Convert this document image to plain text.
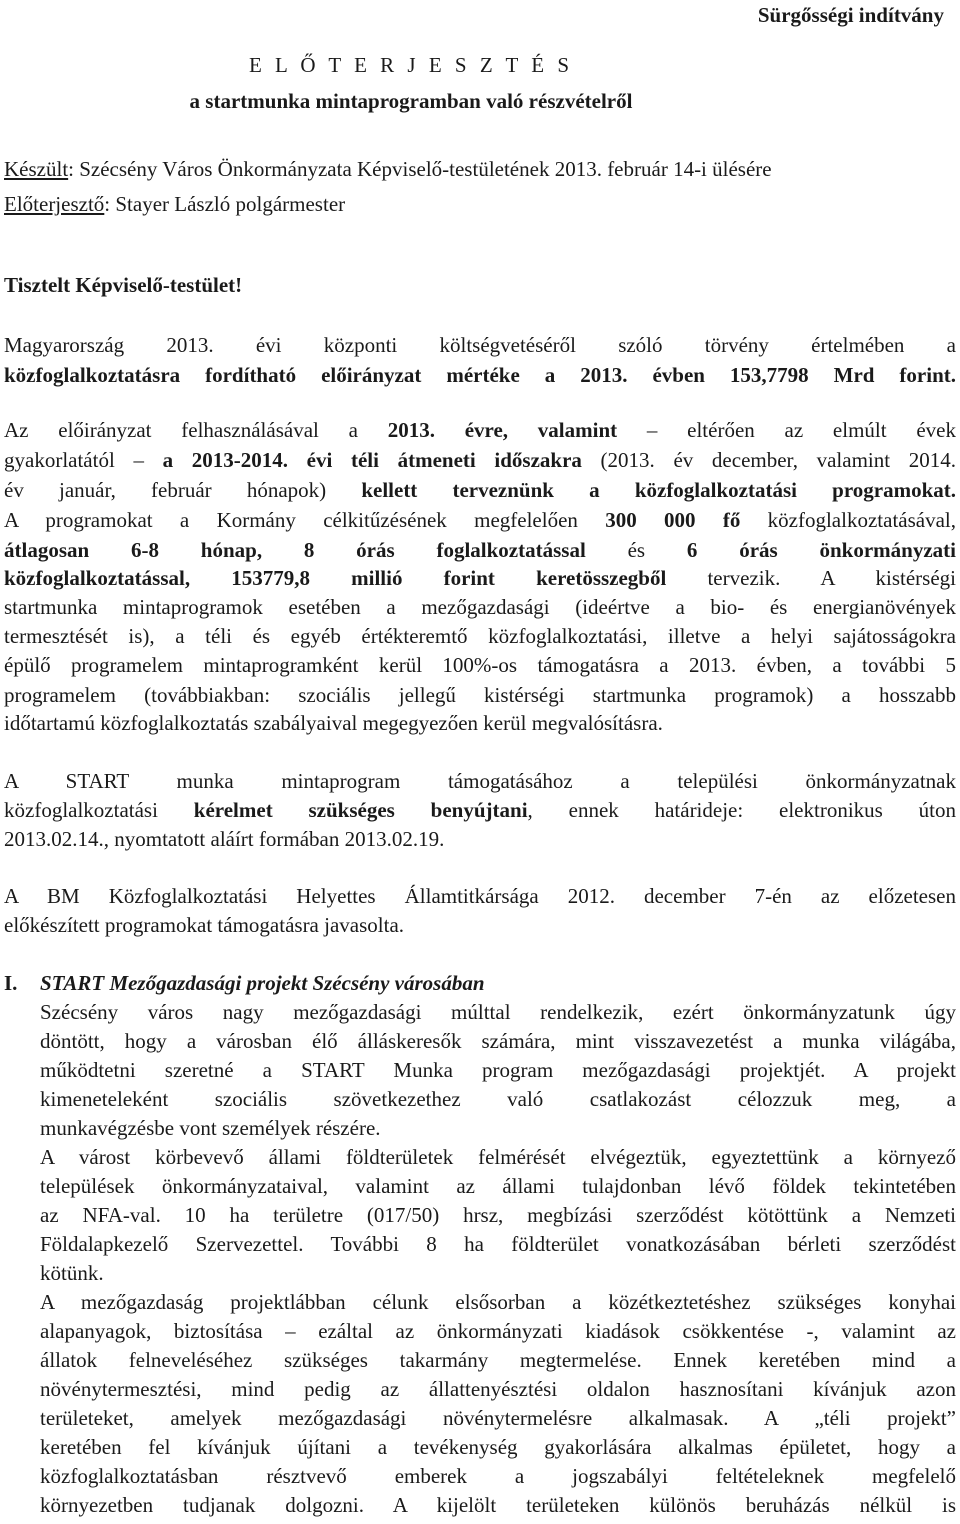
Sürgősségi indítvány
E L Ő T E R J E S Z T É S
a startmunka mintaprogramban való részvételről
Készült: Szécsény Város Önkormányzata Képviselő-testületének 2013. február 14-i ülésére
Előterjesztő: Stayer László polgármester
Tisztelt Képviselő-testület!
Magyarország 2013. évi központi költségvetéséről szóló törvény értelmében a
közfoglalkoztatásra fordítható előirányzat mértéke a 2013. évben 153,7798 Mrd forint.
Az előirányzat felhasználásával a 2013. évre, valamint – eltérően az elmúlt évek
gyakorlatától – a 2013-2014. évi téli átmeneti időszakra (2013. év december, valamint 2014.
év január, február hónapok) kellett terveznünk a közfoglalkoztatási programokat.
A programokat a Kormány célkitűzésének megfelelően 300 000 fő közfoglalkoztatásával,
átlagosan 6-8 hónap, 8 órás foglalkoztatással és 6 órás önkormányzati
közfoglalkoztatással, 153779,8 millió forint keretösszegből tervezik. A kistérségi
startmunka mintaprogramok esetében a mezőgazdasági (ideértve a bio- és energianövények
termesztését is), a téli és egyéb értékteremtő közfoglalkoztatási, illetve a helyi sajátosságokra
épülő programelem mintaprogramként kerül 100%-os támogatásra a 2013. évben, a további 5
programelem (továbbiakban: szociális jellegű kistérségi startmunka programok) a hosszabb
időtartamú közfoglalkoztatás szabályaival megegyezően kerül megvalósításra.
A START munka mintaprogram támogatásához a települési önkormányzatnak
közfoglalkoztatási kérelmet szükséges benyújtani, ennek határideje: elektronikus úton
2013.02.14., nyomtatott aláírt formában 2013.02.19.
A BM Közfoglalkoztatási Helyettes Államtitkársága 2012. december 7-én az előzetesen
előkészített programokat támogatásra javasolta.
I. START Mezőgazdasági projekt Szécsény városában
Szécsény város nagy mezőgazdasági múlttal rendelkezik, ezért önkormányzatunk úgy
döntött, hogy a városban élő álláskeresők számára, mint visszavezetést a munka világába,
működtetni szeretné a START Munka program mezőgazdasági projektjét. A projekt
kimeneteleként szociális szövetkezethez való csatlakozást célozzuk meg, a
munkavégzésbe vont személyek részére.
A várost körbevevő állami földterületek felmérését elvégeztük, egyeztettünk a környező
települések önkormányzataival, valamint az állami tulajdonban lévő földek tekintetében
az NFA-val. 10 ha területre (017/50) hrsz, megbízási szerződést kötöttünk a Nemzeti
Földalapkezelő Szervezettel. További 8 ha földterület vonatkozásában bérleti szerződést
kötünk.
A mezőgazdaság projektlábban célunk elsősorban a közétkeztetéshez szükséges konyhai
alapanyagok, biztosítása – ezáltal az önkormányzati kiadások csökkentése -, valamint az
állatok felneveléséhez szükséges takarmány megtermelése. Ennek keretében mind a
növénytermesztési, mind pedig az állattenyésztési oldalon hasznosítani kívánjuk azon
területeket, amelyek mezőgazdasági növénytermelésre alkalmasak. A „téli projekt”
keretében fel kívánjuk újítani a tevékenység gyakorlására alkalmas épületet, hogy a
közfoglalkoztatásban résztvevő emberek a jogszabályi feltételeknek megfelelő
környezetben tudjanak dolgozni. A kijelölt területeken különös beruházás nélkül is
